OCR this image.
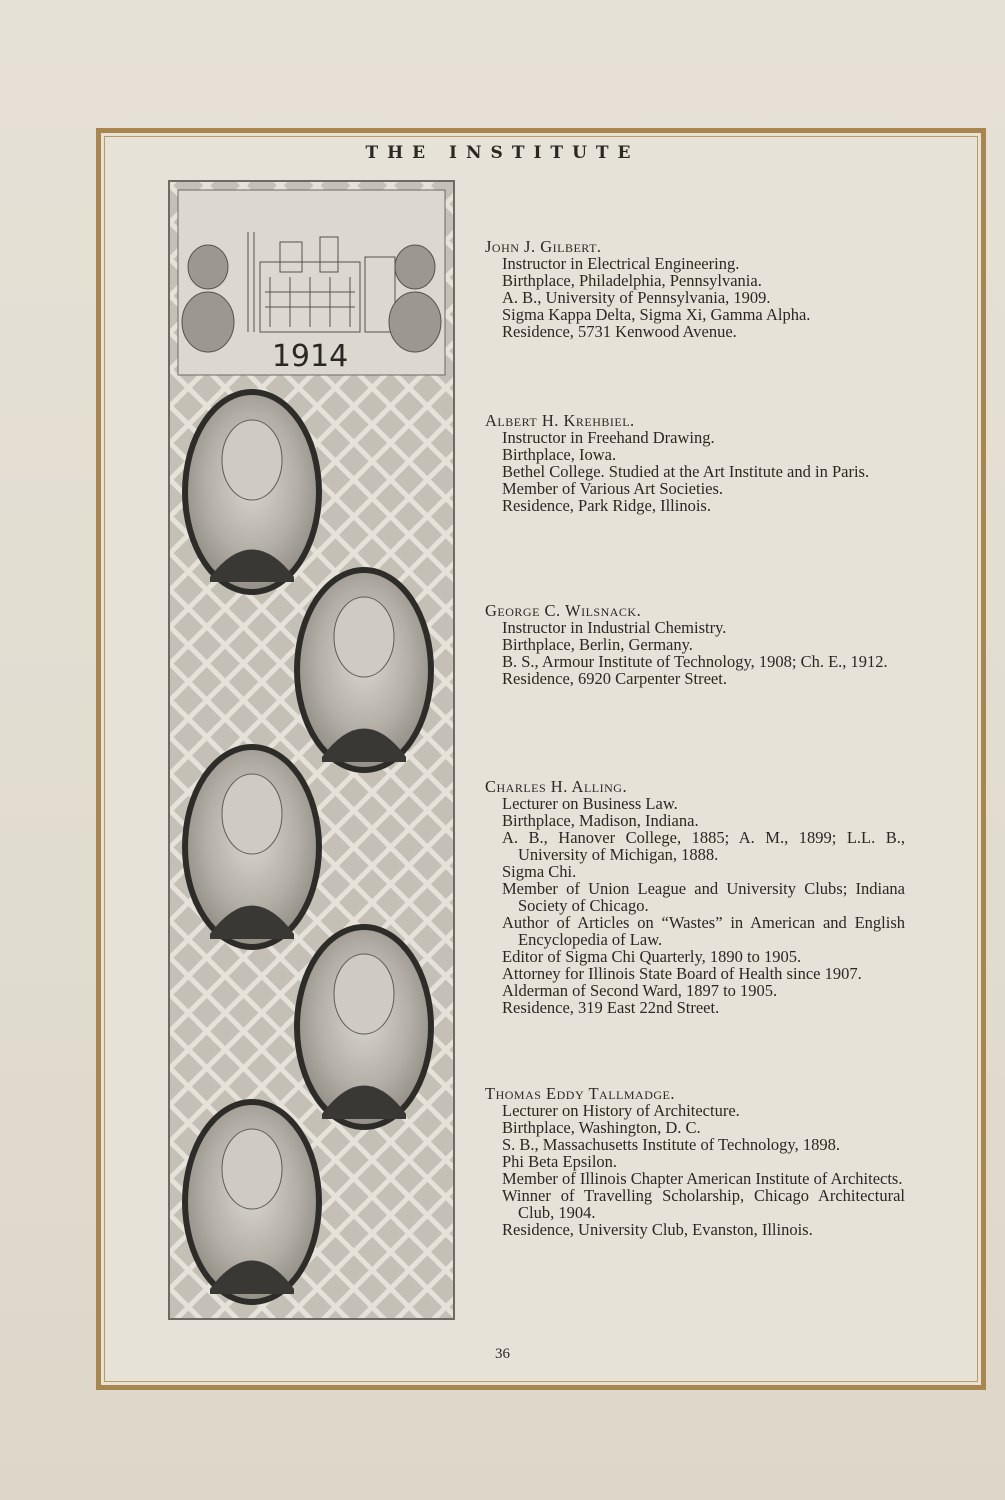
THE INSTITUTE
1914

John J. Gilbert.

Instructor in Electrical Engineering.

Birthplace, Philadelphia, Pennsylvania.

A. B., University of Pennsylvania, 1909.

Sigma Kappa Delta, Sigma Xi, Gamma Alpha.

Residence, 5731 Kenwood Avenue.

Albert H. Krehbiel.

Instructor in Freehand Drawing.

Birthplace, Iowa.

Bethel College. Studied at the Art Institute and in Paris.

Member of Various Art Societies.

Residence, Park Ridge, Illinois.

George C. Wilsnack.

Instructor in Industrial Chemistry.

Birthplace, Berlin, Germany.

B. S., Armour Institute of Technology, 1908; Ch. E., 1912.

Residence, 6920 Carpenter Street.

Charles H. Alling.

Lecturer on Business Law.

Birthplace, Madison, Indiana.

A. B., Hanover College, 1885; A. M., 1899; L.L. B., University of Michigan, 1888.

Sigma Chi.

Member of Union League and University Clubs; Indiana Society of Chicago.

Author of Articles on “Wastes” in American and English Encyclopedia of Law.

Editor of Sigma Chi Quarterly, 1890 to 1905.

Attorney for Illinois State Board of Health since 1907.

Alderman of Second Ward, 1897 to 1905.

Residence, 319 East 22nd Street.

Thomas Eddy Tallmadge.

Lecturer on History of Architecture.

Birthplace, Washington, D. C.

S. B., Massachusetts Institute of Technology, 1898.

Phi Beta Epsilon.

Member of Illinois Chapter American Institute of Architects.

Winner of Travelling Scholarship, Chicago Architectural Club, 1904.

Residence, University Club, Evanston, Illinois.

36
